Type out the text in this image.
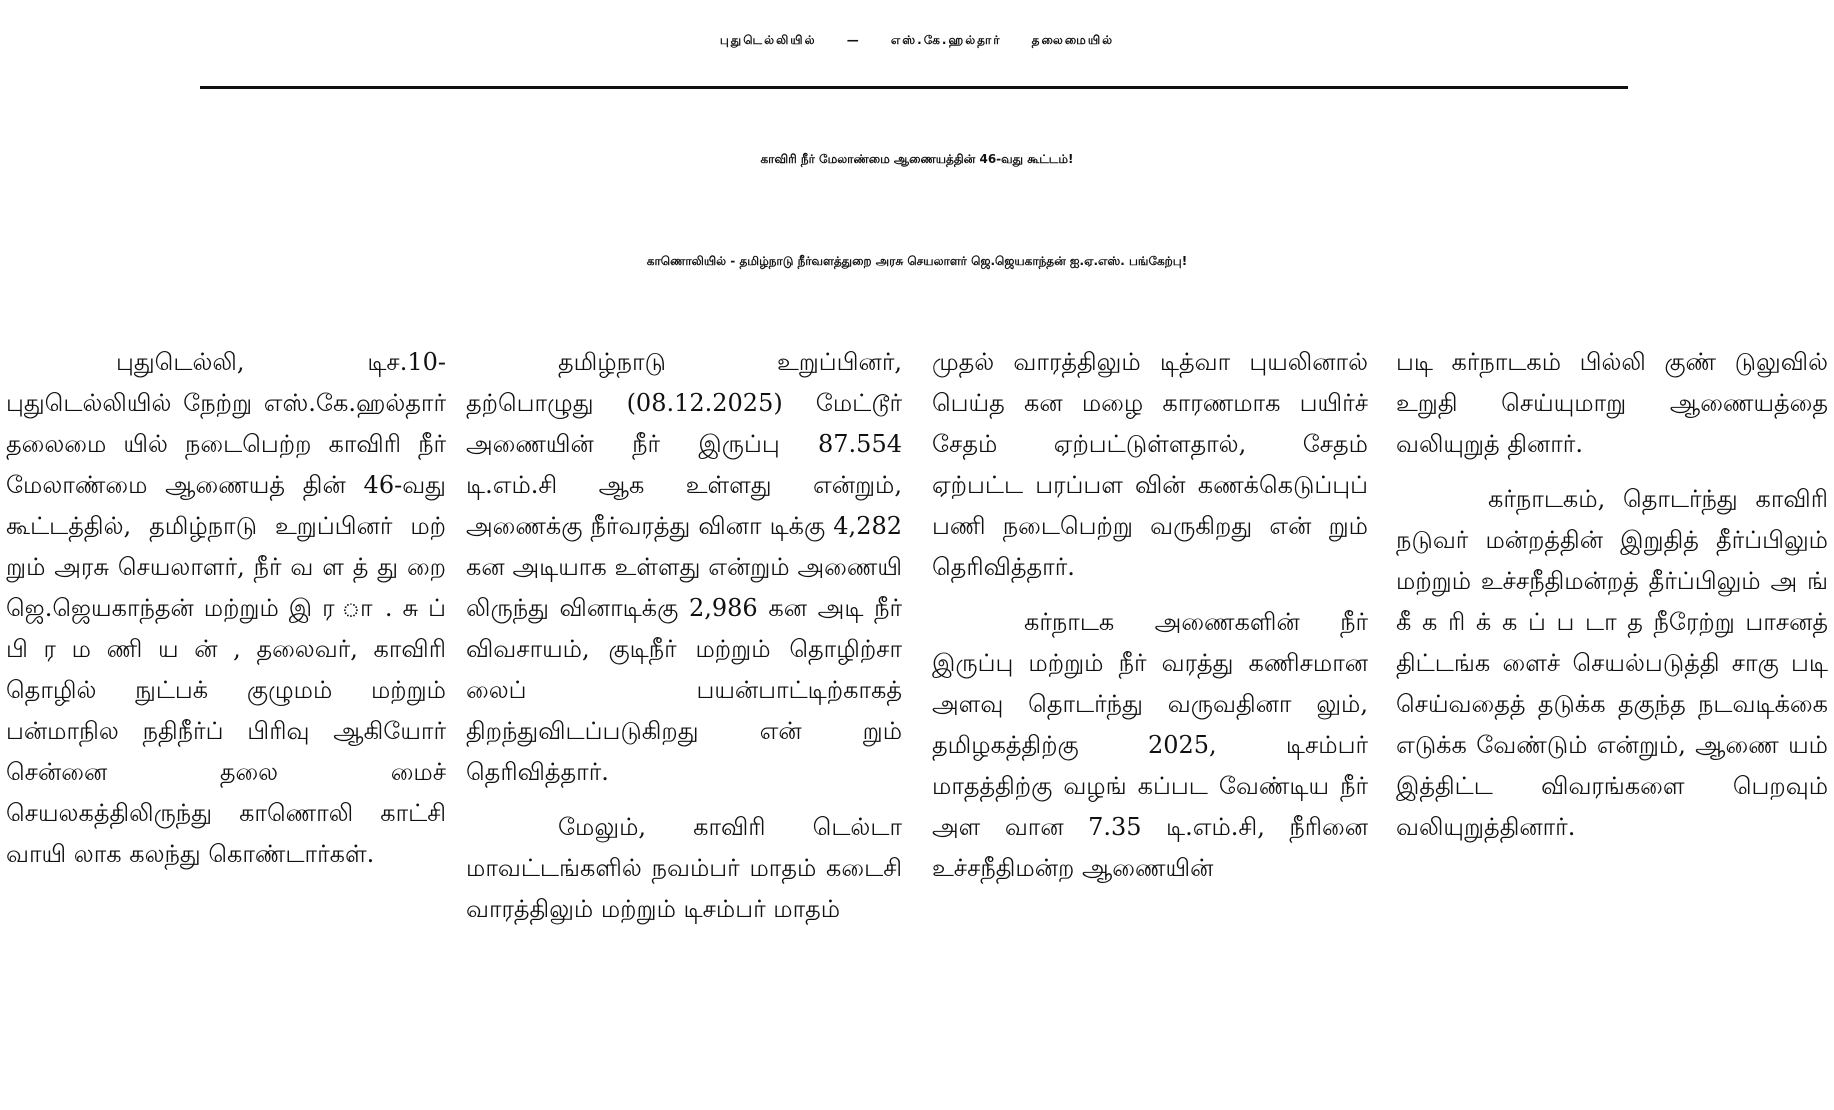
புதுடெல்லியில் — எஸ்.கே.ஹல்தார் தலைமையில்
காவிரி நீர் மேலாண்மை ஆணையத்தின் 46-வது கூட்டம்!
காணொலியில் - தமிழ்நாடு நீர்வளத்துறை அரசு செயலாளர் ஜெ.ஜெயகாந்தன் ஐ.ஏ.எஸ். பங்கேற்பு!

புதுடெல்லி, டிச.10- புதுடெல்லியில் நேற்று எஸ்.கே.ஹல்தார் தலைமை யில் நடைபெற்ற காவிரி நீர் மேலாண்மை ஆணையத் தின் 46-வது கூட்டத்தில், தமிழ்நாடு உறுப்பினர் மற் றும் அரசு செயலாளர், நீர் வ ள த் து றை ஜெ.ஜெயகாந்தன் மற்றும் இ ர ா . சு ப் பி ர ம ணி ய ன் , தலைவர், காவிரி தொழில் நுட்பக் குழுமம் மற்றும் பன்மாநில நதிநீர்ப் பிரிவு ஆகியோர் சென்னை தலை மைச் செயலகத்திலிருந்து காணொலி காட்சி வாயி லாக கலந்து கொண்டார்கள்.

தமிழ்நாடு உறுப்பினர், தற்பொழுது (08.12.2025) மேட்டூர் அணையின் நீர் இருப்பு 87.554 டி.எம்.சி ஆக உள்ளது என்றும், அணைக்கு நீர்வரத்து வினா டிக்கு 4,282 கன அடியாக உள்ளது என்றும் அணையி லிருந்து வினாடிக்கு 2,986 கன அடி நீர் விவசாயம், குடிநீர் மற்றும் தொழிற்சா லைப் பயன்பாட்டிற்காகத் திறந்துவிடப்படுகிறது என் றும் தெரிவித்தார்.

மேலும், காவிரி டெல்டா மாவட்டங்களில் நவம்பர் மாதம் கடைசி வாரத்திலும் மற்றும் டிசம்பர் மாதம்

முதல் வாரத்திலும் டித்வா புயலினால் பெய்த கன மழை காரணமாக பயிர்ச் சேதம் ஏற்பட்டுள்ளதால், சேதம் ஏற்பட்ட பரப்பள வின் கணக்கெடுப்புப் பணி நடைபெற்று வருகிறது என் றும் தெரிவித்தார்.

கர்நாடக அணைகளின் நீர் இருப்பு மற்றும் நீர் வரத்து கணிசமான அளவு தொடர்ந்து வருவதினா லும், தமிழகத்திற்கு 2025, டிசம்பர் மாதத்திற்கு வழங் கப்பட வேண்டிய நீர் அள வான 7.35 டி.எம்.சி, நீரினை உச்சநீதிமன்ற ஆணையின்

படி கர்நாடகம் பில்லி குண் டுலுவில் உறுதி செய்யுமாறு ஆணையத்தை வலியுறுத் தினார்.

கர்நாடகம், தொடர்ந்து காவிரி நடுவர் மன்றத்தின் இறுதித் தீர்ப்பிலும் மற்றும் உச்சநீதிமன்றத் தீர்ப்பிலும் அ ங் கீ க ரி க் க ப் ப டா த நீரேற்று பாசனத் திட்டங்க ளைச் செயல்படுத்தி சாகு படி செய்வதைத் தடுக்க தகுந்த நடவடிக்கை எடுக்க வேண்டும் என்றும், ஆணை யம் இத்திட்ட விவரங்களை பெறவும் வலியுறுத்தினார்.
